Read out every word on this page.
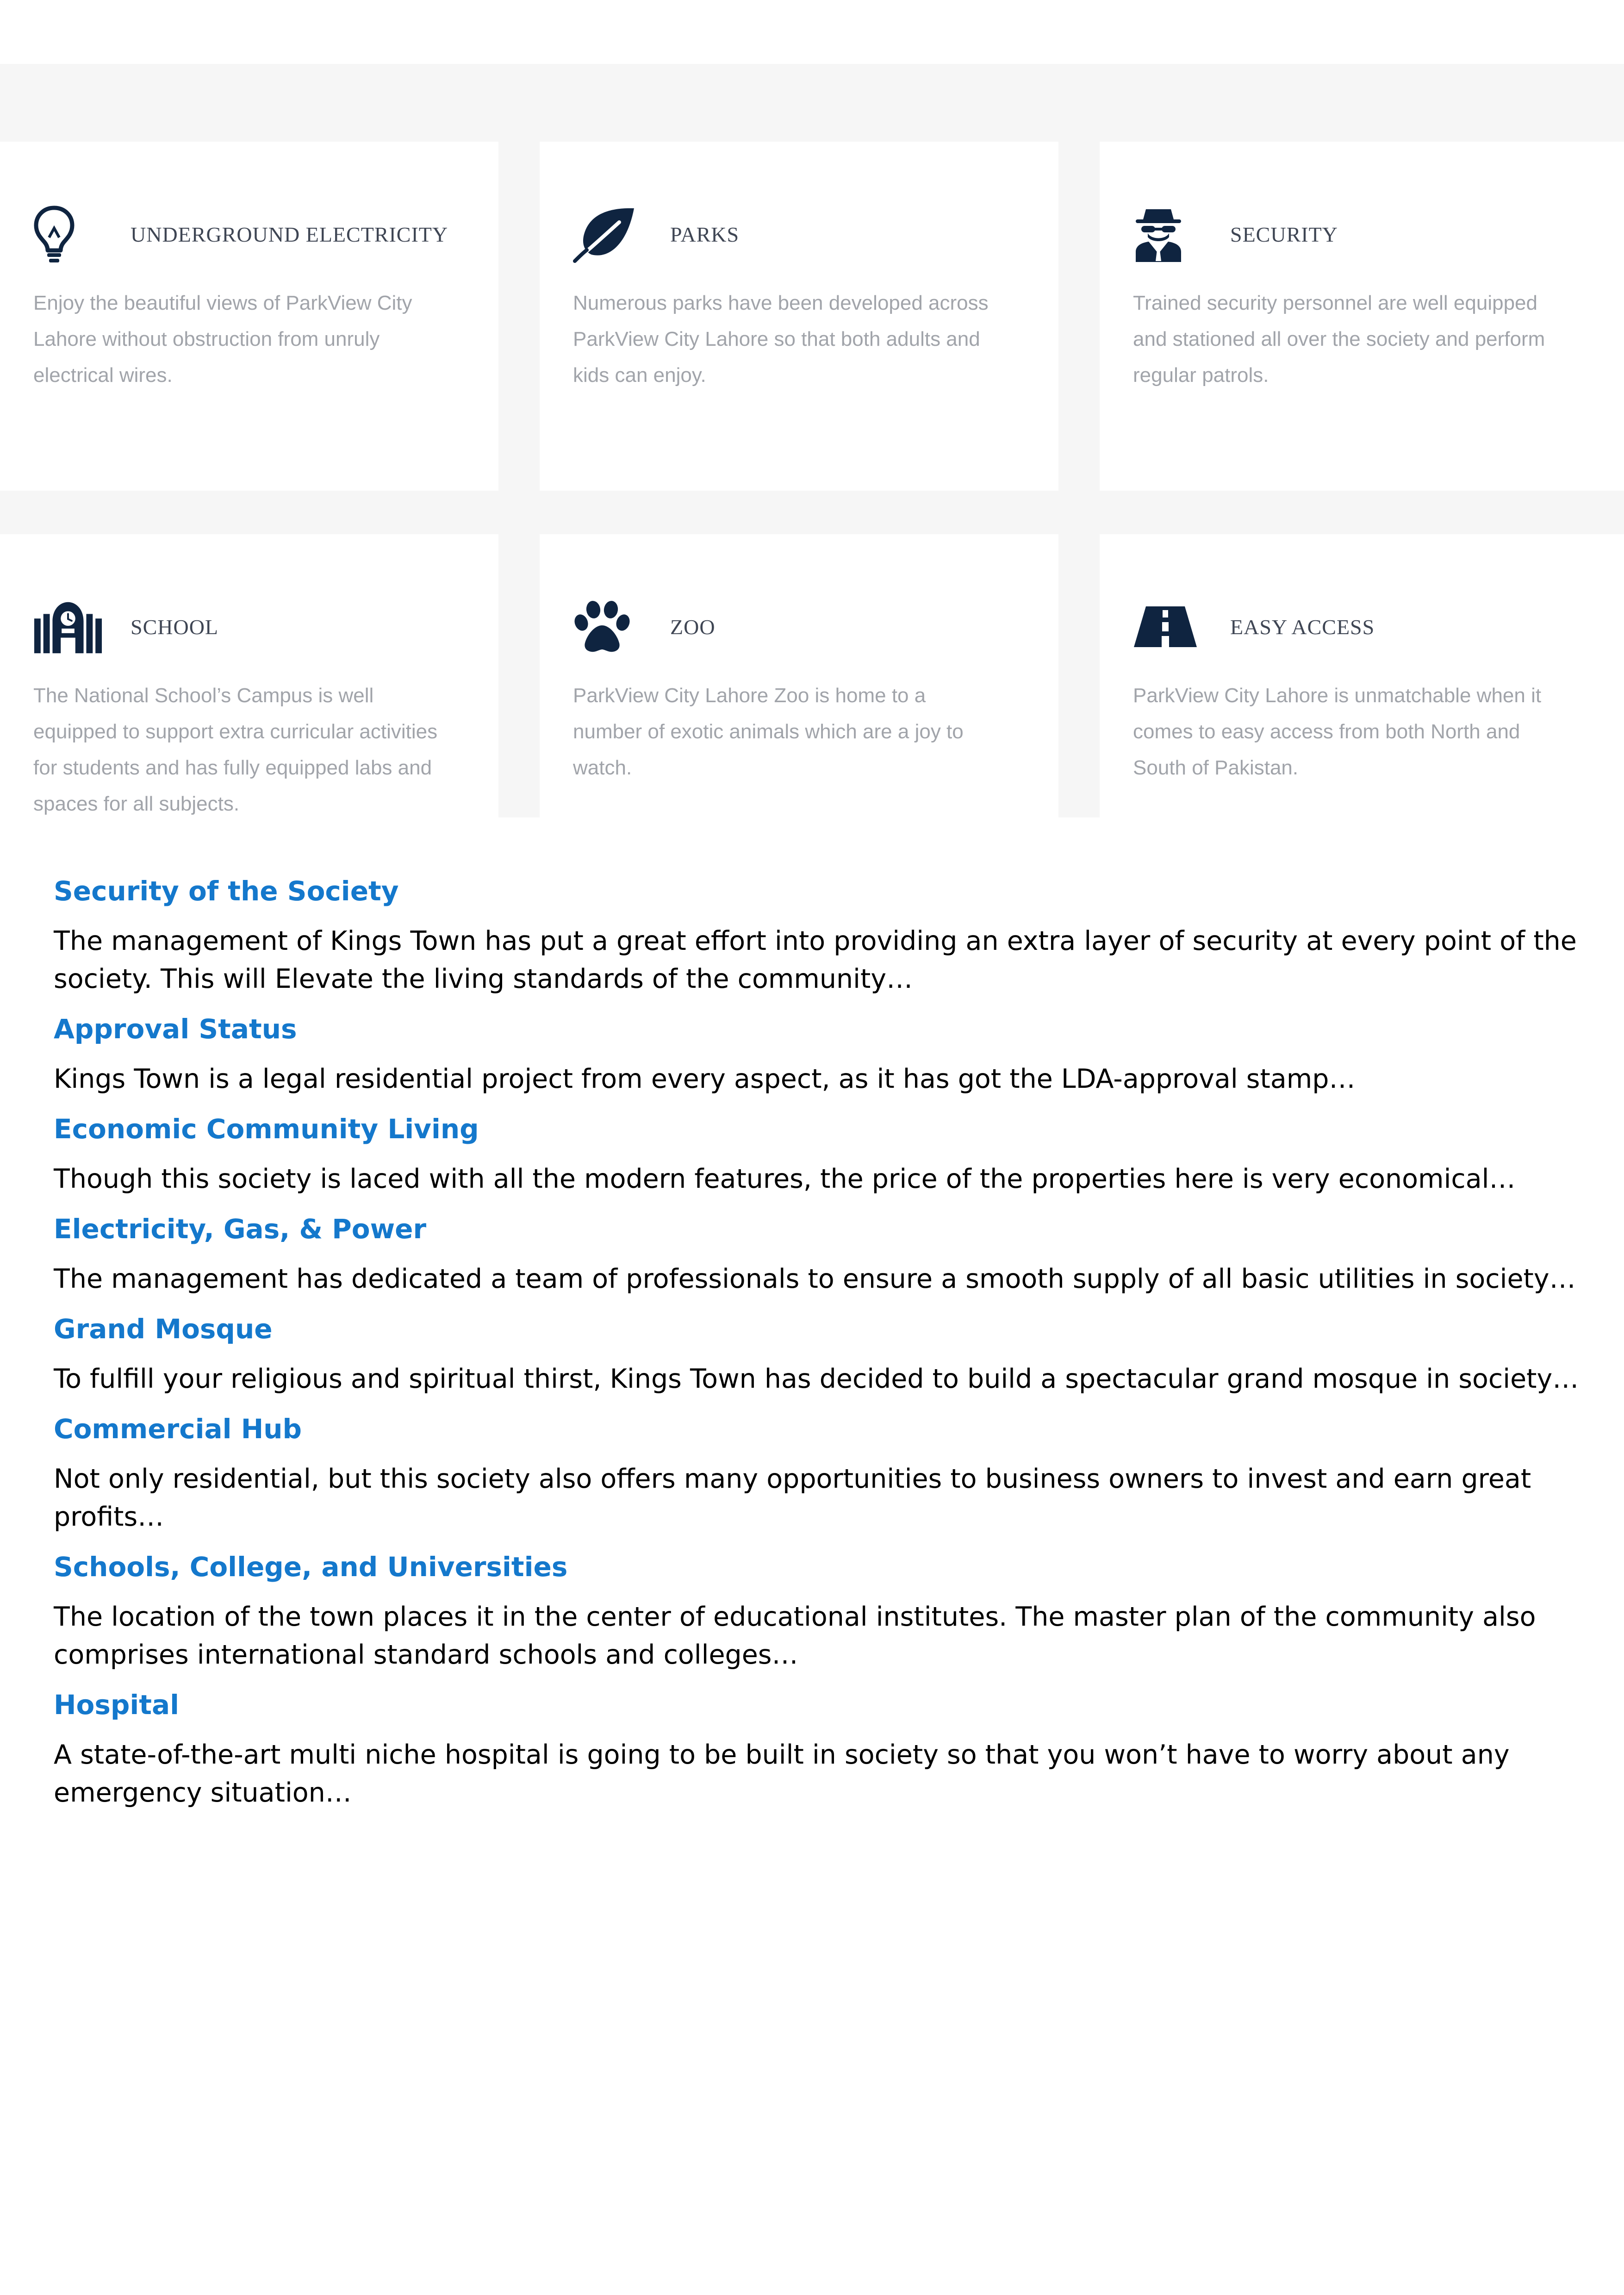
UNDERGROUND ELECTRICITY

Enjoy the beautiful views of ParkView City Lahore without obstruction from unruly electrical wires.

PARKS

Numerous parks have been developed across ParkView City Lahore so that both adults and kids can enjoy.

SECURITY

Trained security personnel are well equipped and stationed all over the society and perform regular patrols.

SCHOOL

The National School’s Campus is well equipped to support extra curricular activities for students and has fully equipped labs and spaces for all subjects.

ZOO

ParkView City Lahore Zoo is home to a number of exotic animals which are a joy to watch.

EASY ACCESS

ParkView City Lahore is unmatchable when it comes to easy access from both North and South of Pakistan.

Security of the Society

The management of Kings Town has put a great effort into providing an extra layer of security at every point of the society. This will Elevate the living standards of the community…

Approval Status

Kings Town is a legal residential project from every aspect, as it has got the LDA-approval stamp…

Economic Community Living

Though this society is laced with all the modern features, the price of the properties here is very economical…

Electricity, Gas, & Power

The management has dedicated a team of professionals to ensure a smooth supply of all basic utilities in society…

Grand Mosque

To fulfill your religious and spiritual thirst, Kings Town has decided to build a spectacular grand mosque in society…

Commercial Hub

Not only residential, but this society also offers many opportunities to business owners to invest and earn great profits…

Schools, College, and Universities

The location of the town places it in the center of educational institutes. The master plan of the community also comprises international standard schools and colleges…

Hospital

A state-of-the-art multi niche hospital is going to be built in society so that you won’t have to worry about any emergency situation…
